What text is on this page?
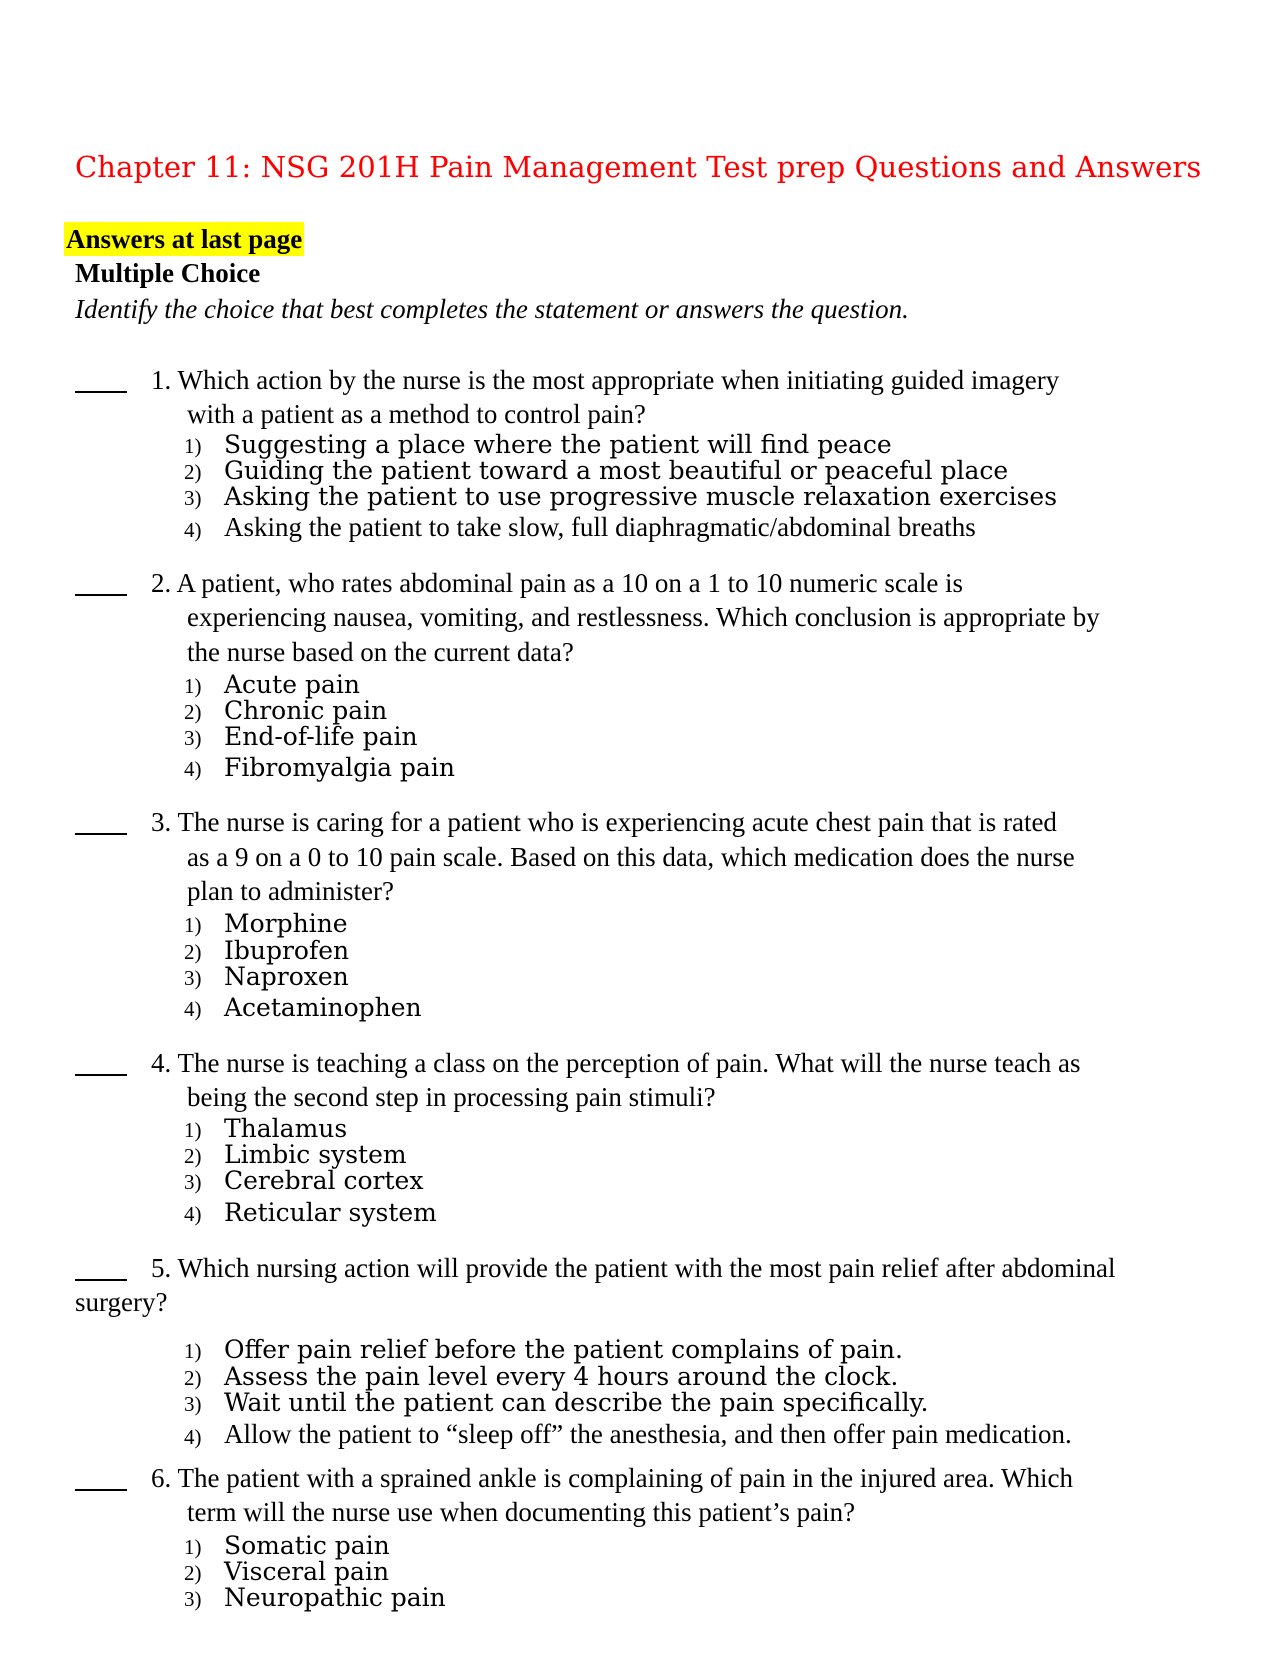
Chapter 11: NSG 201H Pain Management Test prep Questions and Answers
Answers at last page
Multiple Choice
Identify the choice that best completes the statement or answers the question.
1. Which action by the nurse is the most appropriate when initiating guided imagery
with a patient as a method to control pain?
1) Suggesting a place where the patient will find peace
2) Guiding the patient toward a most beautiful or peaceful place
3) Asking the patient to use progressive muscle relaxation exercises
4) Asking the patient to take slow, full diaphragmatic/abdominal breaths
2. A patient, who rates abdominal pain as a 10 on a 1 to 10 numeric scale is
experiencing nausea, vomiting, and restlessness. Which conclusion is appropriate by
the nurse based on the current data?
1) Acute pain
2) Chronic pain
3) End-of-life pain
4) Fibromyalgia pain
3. The nurse is caring for a patient who is experiencing acute chest pain that is rated
as a 9 on a 0 to 10 pain scale. Based on this data, which medication does the nurse
plan to administer?
1) Morphine
2) Ibuprofen
3) Naproxen
4) Acetaminophen
4. The nurse is teaching a class on the perception of pain. What will the nurse teach as
being the second step in processing pain stimuli?
1) Thalamus
2) Limbic system
3) Cerebral cortex
4) Reticular system
5. Which nursing action will provide the patient with the most pain relief after abdominal
surgery?
1) Offer pain relief before the patient complains of pain.
2) Assess the pain level every 4 hours around the clock.
3) Wait until the patient can describe the pain specifically.
4) Allow the patient to “sleep off” the anesthesia, and then offer pain medication.
6. The patient with a sprained ankle is complaining of pain in the injured area. Which
term will the nurse use when documenting this patient’s pain?
1) Somatic pain
2) Visceral pain
3) Neuropathic pain
